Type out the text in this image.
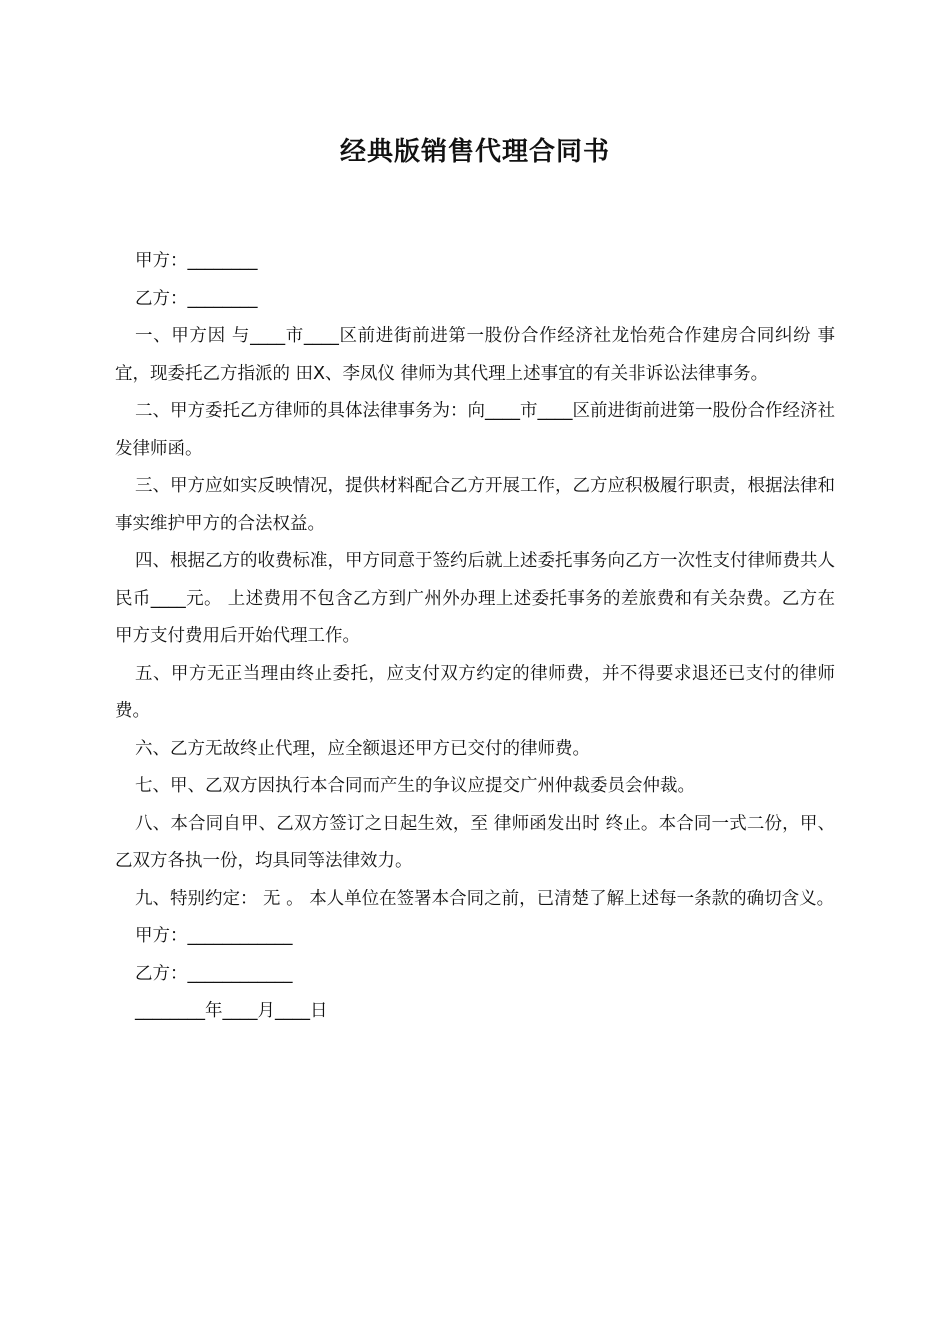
经典版销售代理合同书

甲方：________

乙方：________

一、甲方因 与____市____区前进街前进第一股份合作经济社龙怡苑合作建房合同纠纷 事宜，现委托乙方指派的 田X、李凤仪 律师为其代理上述事宜的有关非诉讼法律事务。

二、甲方委托乙方律师的具体法律事务为：向____市____区前进街前进第一股份合作经济社发律师函。

三、甲方应如实反映情况，提供材料配合乙方开展工作，乙方应积极履行职责，根据法律和事实维护甲方的合法权益。

四、根据乙方的收费标准，甲方同意于签约后就上述委托事务向乙方一次性支付律师费共人民币____元。 上述费用不包含乙方到广州外办理上述委托事务的差旅费和有关杂费。乙方在甲方支付费用后开始代理工作。

五、甲方无正当理由终止委托，应支付双方约定的律师费，并不得要求退还已支付的律师费。

六、乙方无故终止代理，应全额退还甲方已交付的律师费。

七、甲、乙双方因执行本合同而产生的争议应提交广州仲裁委员会仲裁。

八、本合同自甲、乙双方签订之日起生效，至 律师函发出时 终止。本合同一式二份，甲、乙双方各执一份，均具同等法律效力。

九、特别约定： 无 。 本人单位在签署本合同之前，已清楚了解上述每一条款的确切含义。

甲方：____________

乙方：____________

________年____月____日
